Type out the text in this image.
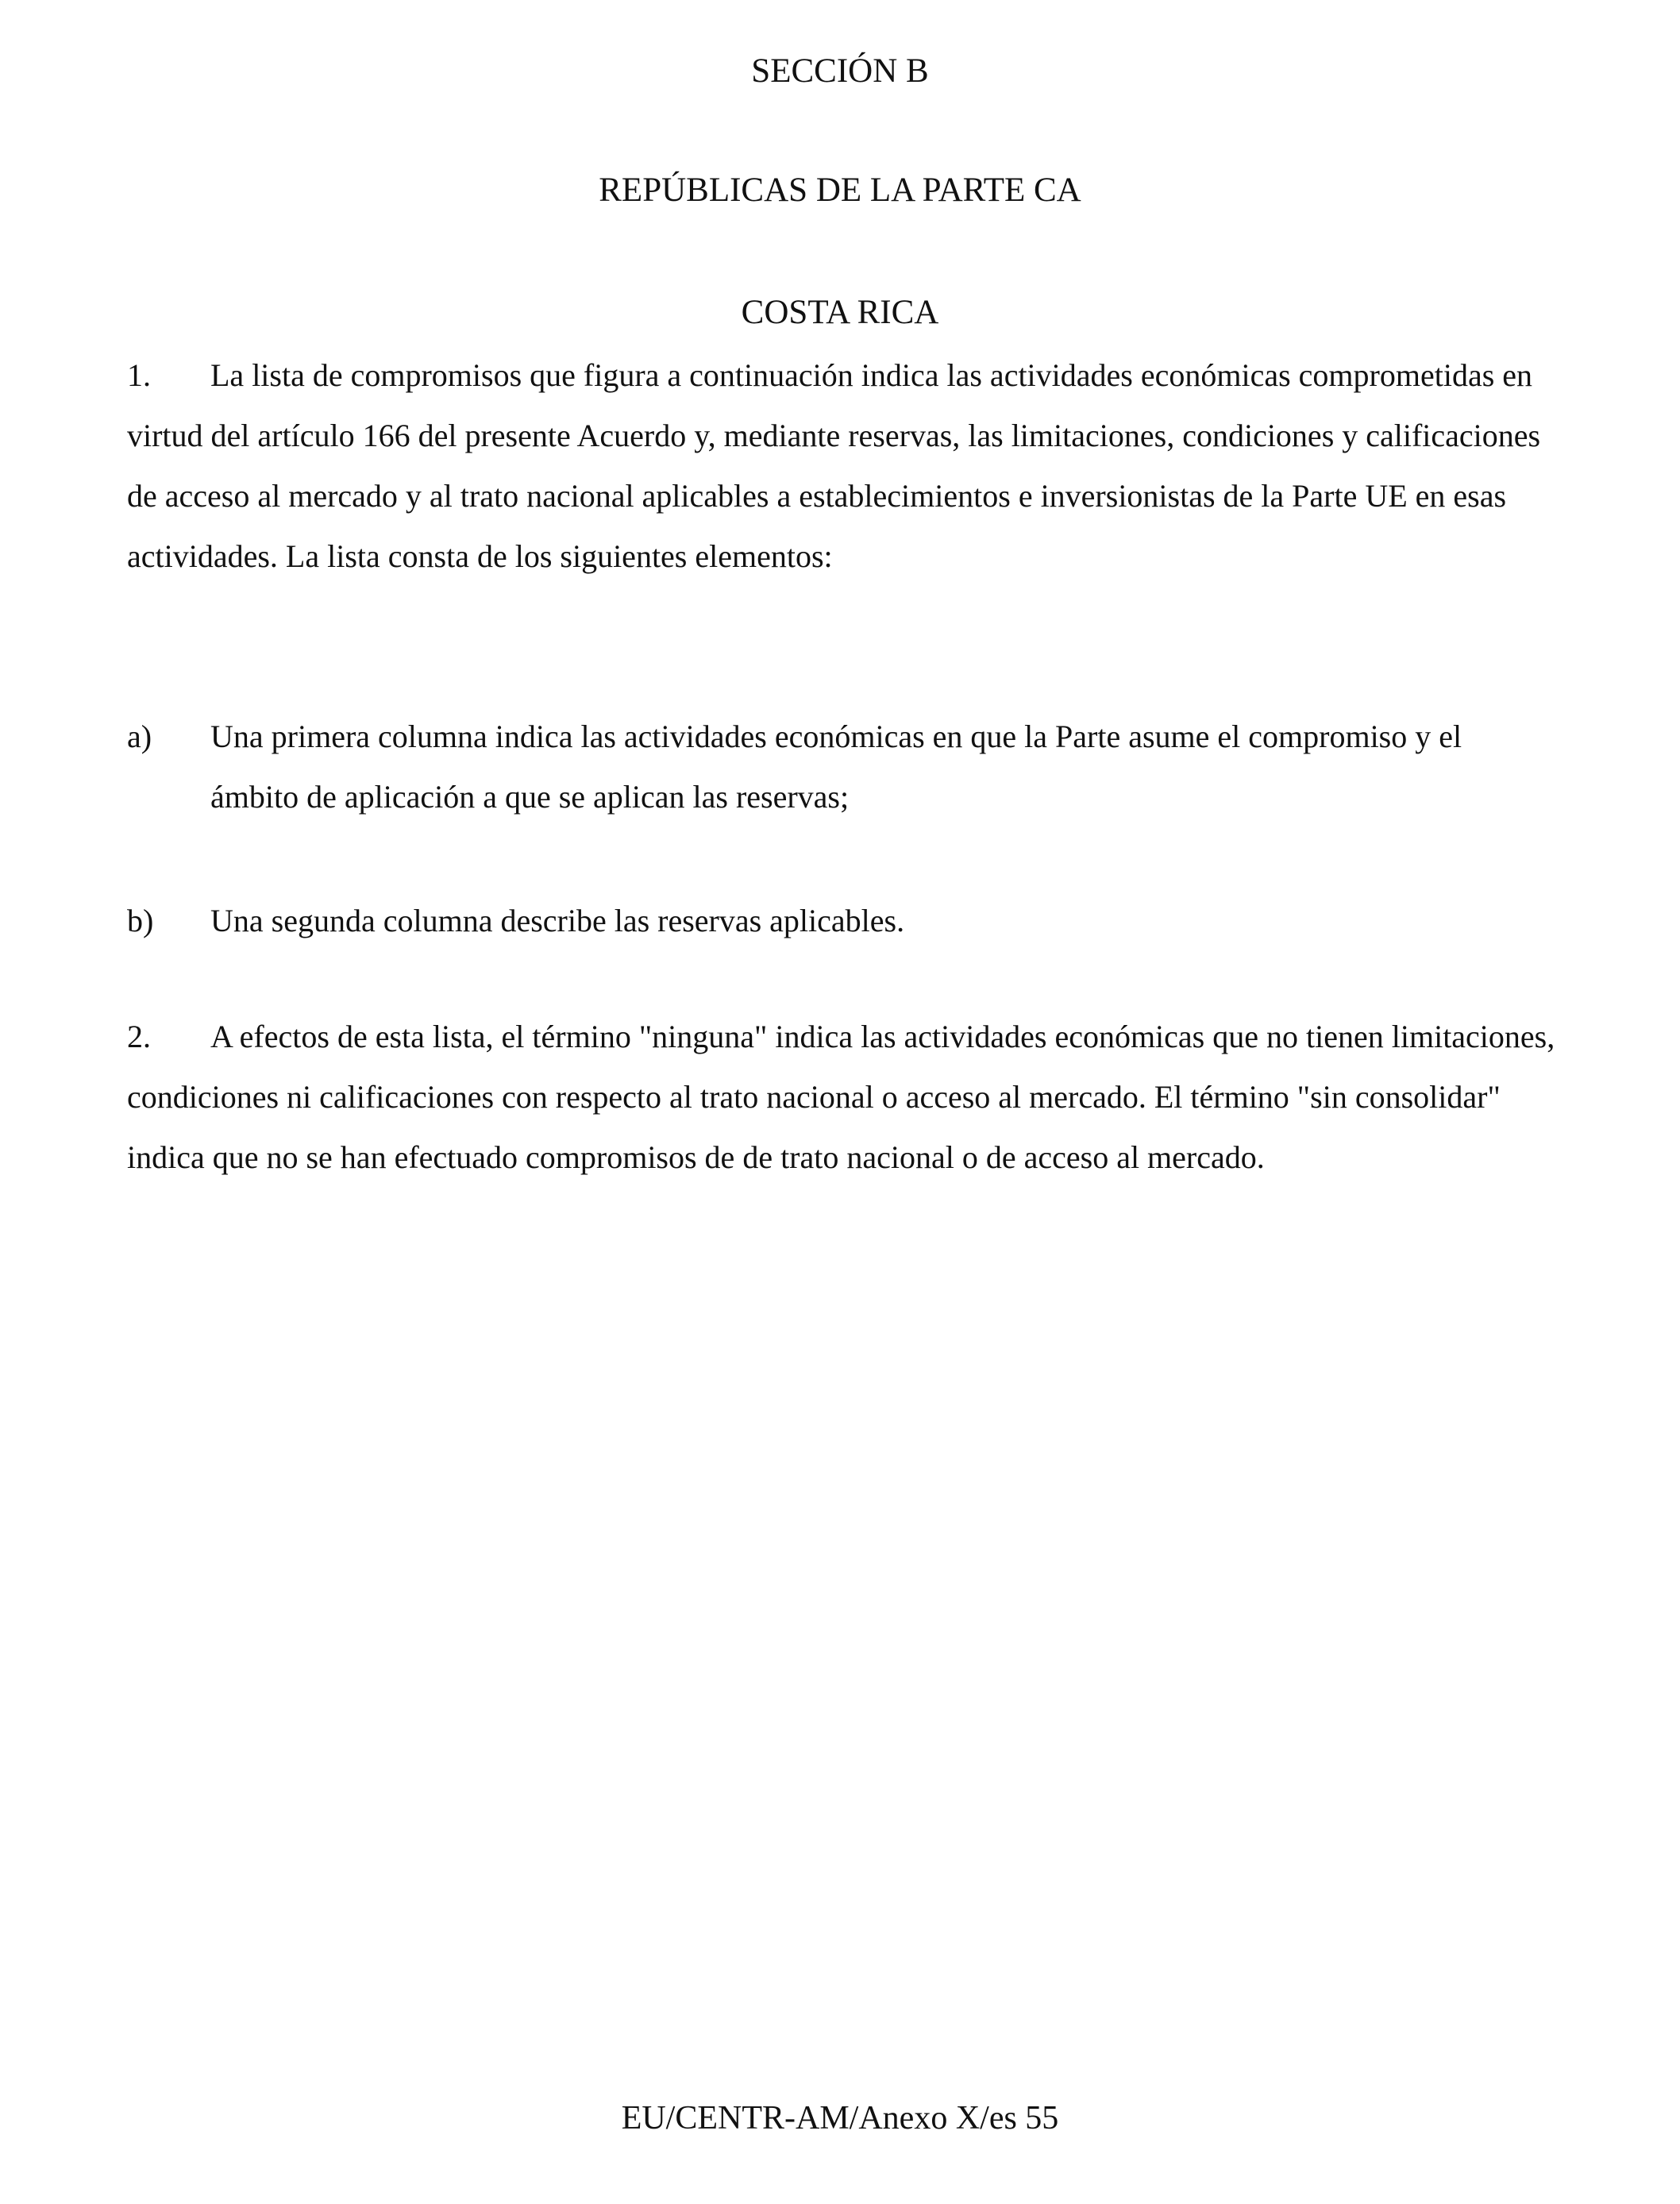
SECCIÓN B
REPÚBLICAS DE LA PARTE CA
COSTA RICA

1. La lista de compromisos que figura a continuación indica las actividades económicas comprometidas en virtud del artículo 166 del presente Acuerdo y, mediante reservas, las limitaciones, condiciones y calificaciones de acceso al mercado y al trato nacional aplicables a establecimientos e inversionistas de la Parte UE en esas actividades. La lista consta de los siguientes elementos:

a)	Una primera columna indica las actividades económicas en que la Parte asume el compromiso y el ámbito de aplicación a que se aplican las reservas;
b)	Una segunda columna describe las reservas aplicables.

2. A efectos de esta lista, el término "ninguna" indica las actividades económicas que no tienen limitaciones, condiciones ni calificaciones con respecto al trato nacional o acceso al mercado. El término "sin consolidar" indica que no se han efectuado compromisos de de trato nacional o de acceso al mercado.

EU/CENTR-AM/Anexo X/es 55
